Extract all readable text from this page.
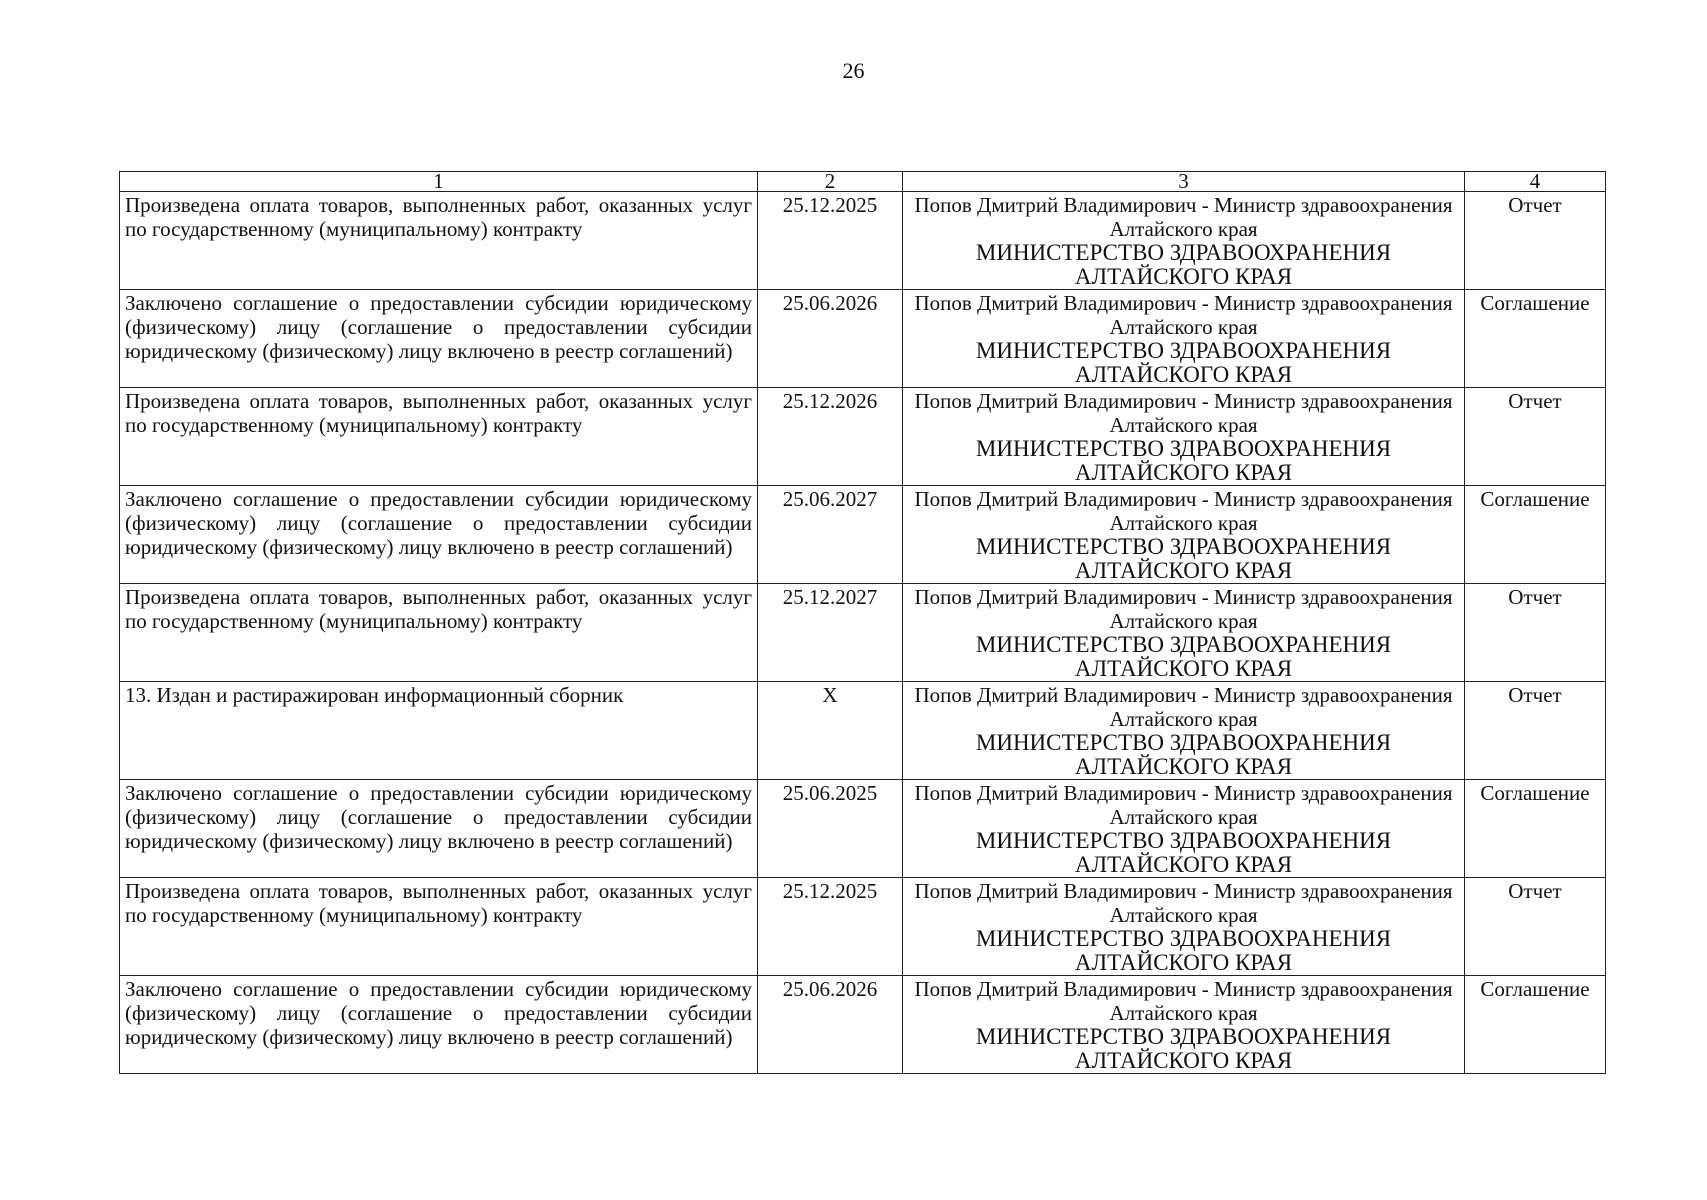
26
1	2	3	4
Произведена оплата товаров, выполненных работ, оказанных услуг по государственному (муниципальному) контракту	25.12.2025	Попов Дмитрий Владимирович - Министр здравоохранения Алтайского края
МИНИСТЕРСТВО ЗДРАВООХРАНЕНИЯ АЛТАЙСКОГО КРАЯ	Отчет
Заключено соглашение о предоставлении субсидии юридическому (физическому) лицу (соглашение о предоставлении субсидии юридическому (физическому) лицу включено в реестр соглашений)	25.06.2026	Попов Дмитрий Владимирович - Министр здравоохранения Алтайского края
МИНИСТЕРСТВО ЗДРАВООХРАНЕНИЯ АЛТАЙСКОГО КРАЯ	Соглашение
Произведена оплата товаров, выполненных работ, оказанных услуг по государственному (муниципальному) контракту	25.12.2026	Попов Дмитрий Владимирович - Министр здравоохранения Алтайского края
МИНИСТЕРСТВО ЗДРАВООХРАНЕНИЯ АЛТАЙСКОГО КРАЯ	Отчет
Заключено соглашение о предоставлении субсидии юридическому (физическому) лицу (соглашение о предоставлении субсидии юридическому (физическому) лицу включено в реестр соглашений)	25.06.2027	Попов Дмитрий Владимирович - Министр здравоохранения Алтайского края
МИНИСТЕРСТВО ЗДРАВООХРАНЕНИЯ АЛТАЙСКОГО КРАЯ	Соглашение
Произведена оплата товаров, выполненных работ, оказанных услуг по государственному (муниципальному) контракту	25.12.2027	Попов Дмитрий Владимирович - Министр здравоохранения Алтайского края
МИНИСТЕРСТВО ЗДРАВООХРАНЕНИЯ АЛТАЙСКОГО КРАЯ	Отчет
13. Издан и растиражирован информационный сборник	X	Попов Дмитрий Владимирович - Министр здравоохранения Алтайского края
МИНИСТЕРСТВО ЗДРАВООХРАНЕНИЯ АЛТАЙСКОГО КРАЯ	Отчет
Заключено соглашение о предоставлении субсидии юридическому (физическому) лицу (соглашение о предоставлении субсидии юридическому (физическому) лицу включено в реестр соглашений)	25.06.2025	Попов Дмитрий Владимирович - Министр здравоохранения Алтайского края
МИНИСТЕРСТВО ЗДРАВООХРАНЕНИЯ АЛТАЙСКОГО КРАЯ	Соглашение
Произведена оплата товаров, выполненных работ, оказанных услуг по государственному (муниципальному) контракту	25.12.2025	Попов Дмитрий Владимирович - Министр здравоохранения Алтайского края
МИНИСТЕРСТВО ЗДРАВООХРАНЕНИЯ АЛТАЙСКОГО КРАЯ	Отчет
Заключено соглашение о предоставлении субсидии юридическому (физическому) лицу (соглашение о предоставлении субсидии юридическому (физическому) лицу включено в реестр соглашений)	25.06.2026	Попов Дмитрий Владимирович - Министр здравоохранения Алтайского края
МИНИСТЕРСТВО ЗДРАВООХРАНЕНИЯ АЛТАЙСКОГО КРАЯ	Соглашение
